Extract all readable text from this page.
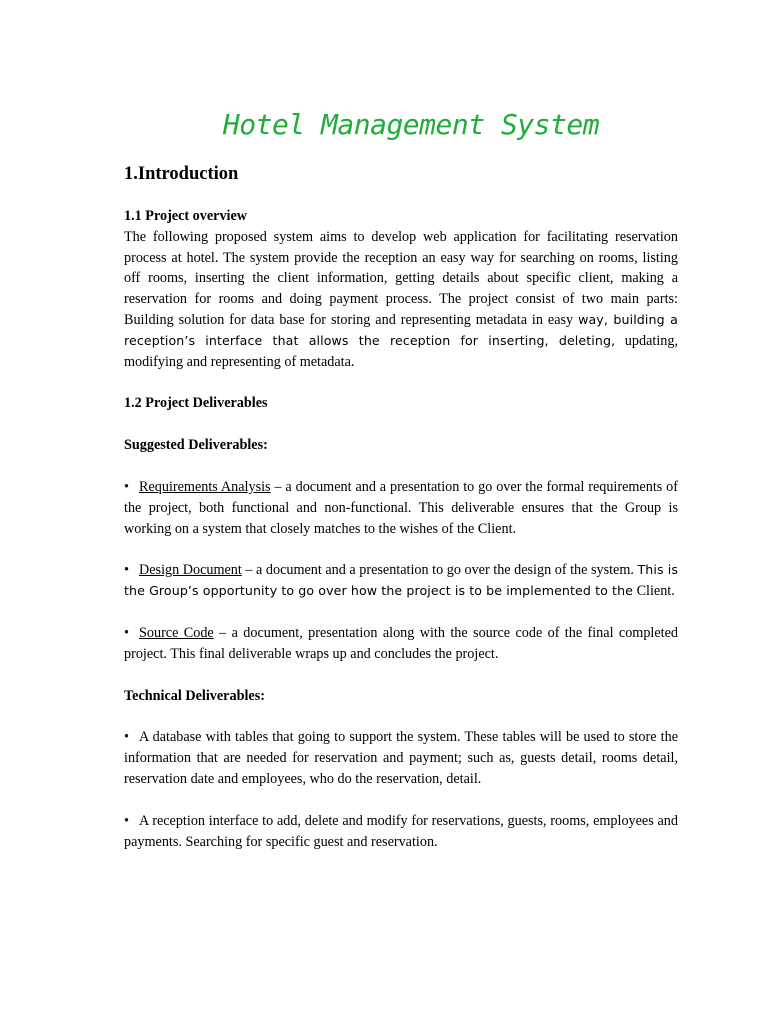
Hotel Management System
1.Introduction
1.1 Project overview

The following proposed system aims to develop web application for facilitating reservation process at hotel. The system provide the reception an easy way for searching on rooms, listing off rooms, inserting the client information, getting details about specific client, making a reservation for rooms and doing payment process. The project consist of two main parts: Building solution for data base for storing and representing metadata in easy way, building a reception’s interface that allows the reception for inserting, deleting, updating, modifying and representing of metadata.

1.2 Project Deliverables
Suggested Deliverables:

• Requirements Analysis – a document and a presentation to go over the formal requirements of the project, both functional and non-functional. This deliverable ensures that the Group is working on a system that closely matches to the wishes of the Client.

• Design Document – a document and a presentation to go over the design of the system. This is the Group’s opportunity to go over how the project is to be implemented to the Client.

• Source Code – a document, presentation along with the source code of the final completed project. This final deliverable wraps up and concludes the project.

Technical Deliverables:

• A database with tables that going to support the system. These tables will be used to store the information that are needed for reservation and payment; such as, guests detail, rooms detail, reservation date and employees, who do the reservation, detail.

• A reception interface to add, delete and modify for reservations, guests, rooms, employees and payments. Searching for specific guest and reservation.
